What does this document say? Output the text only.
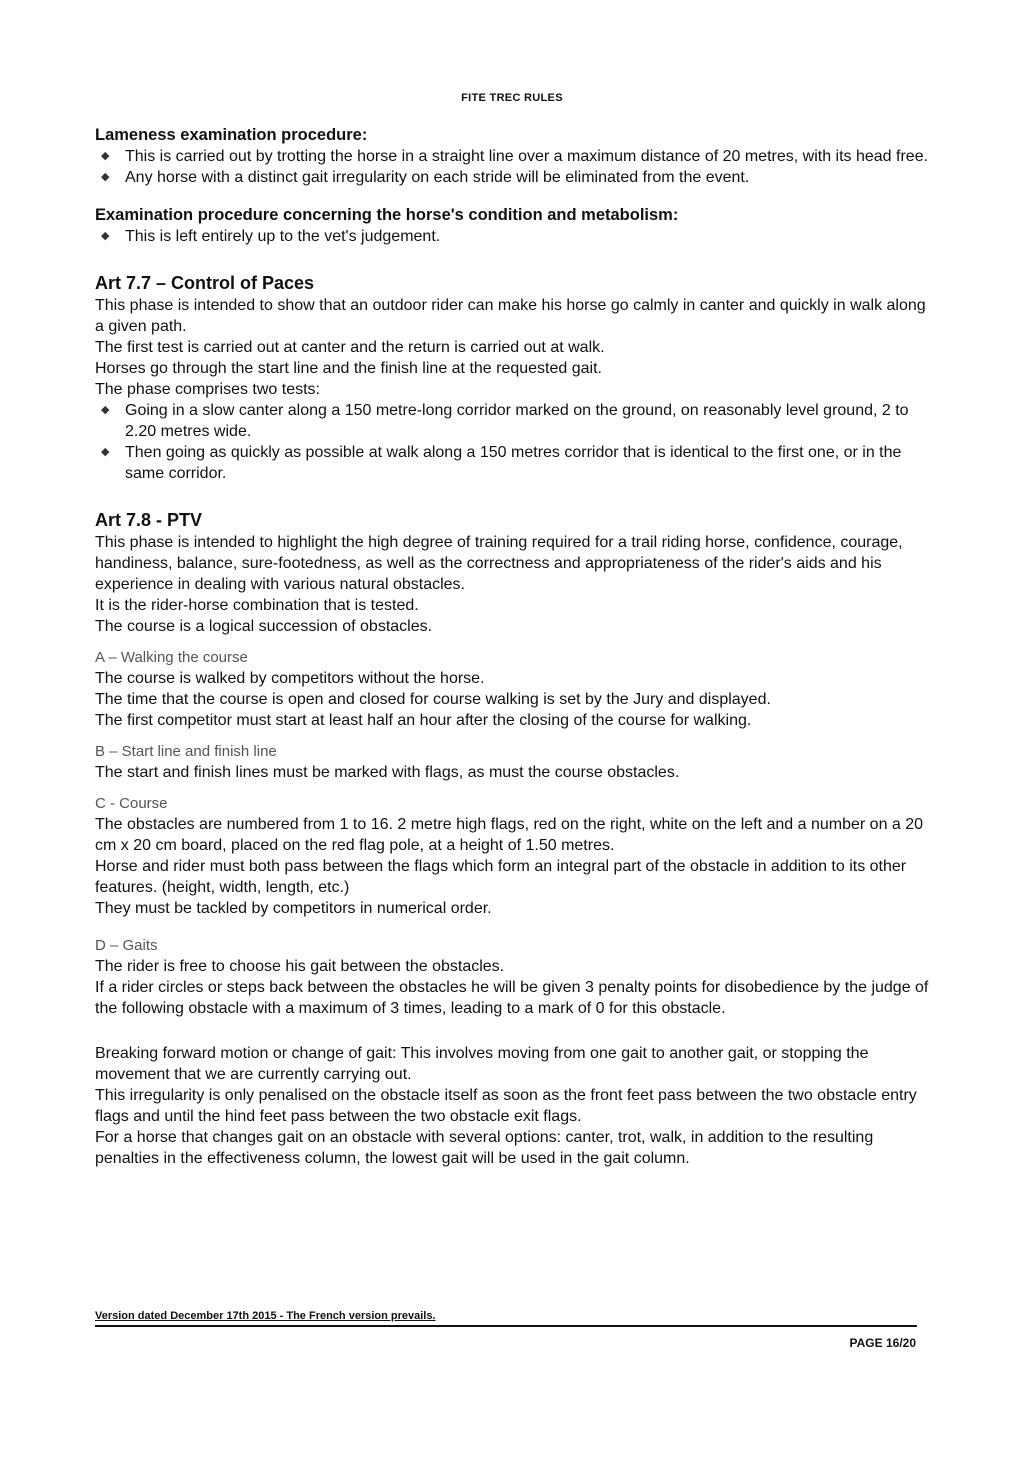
FITE TREC RULES
Lameness examination procedure:
◆ This is carried out by trotting the horse in a straight line over a maximum distance of 20 metres, with its head free.
◆ Any horse with a distinct gait irregularity on each stride will be eliminated from the event.
Examination procedure concerning the horse's condition and metabolism:
◆ This is left entirely up to the vet's judgement.
Art 7.7 – Control of Paces

This phase is intended to show that an outdoor rider can make his horse go calmly in canter and quickly in walk along a given path.

The first test is carried out at canter and the return is carried out at walk.

Horses go through the start line and the finish line at the requested gait.

The phase comprises two tests:

◆ Going in a slow canter along a 150 metre-long corridor marked on the ground, on reasonably level ground, 2 to 2.20 metres wide.
◆ Then going as quickly as possible at walk along a 150 metres corridor that is identical to the first one, or in the same corridor.
Art 7.8 - PTV

This phase is intended to highlight the high degree of training required for a trail riding horse, confidence, courage, handiness, balance, sure-footedness, as well as the correctness and appropriateness of the rider's aids and his experience in dealing with various natural obstacles.

It is the rider-horse combination that is tested.

The course is a logical succession of obstacles.

A – Walking the course

The course is walked by competitors without the horse.

The time that the course is open and closed for course walking is set by the Jury and displayed.

The first competitor must start at least half an hour after the closing of the course for walking.

B – Start line and finish line

The start and finish lines must be marked with flags, as must the course obstacles.

C - Course

The obstacles are numbered from 1 to 16. 2 metre high flags, red on the right, white on the left and a number on a 20 cm x 20 cm board, placed on the red flag pole, at a height of 1.50 metres.

Horse and rider must both pass between the flags which form an integral part of the obstacle in addition to its other features. (height, width, length, etc.)

They must be tackled by competitors in numerical order.

D – Gaits

The rider is free to choose his gait between the obstacles.

If a rider circles or steps back between the obstacles he will be given 3 penalty points for disobedience by the judge of the following obstacle with a maximum of 3 times, leading to a mark of 0 for this obstacle.

Breaking forward motion or change of gait: This involves moving from one gait to another gait, or stopping the movement that we are currently carrying out.

This irregularity is only penalised on the obstacle itself as soon as the front feet pass between the two obstacle entry flags and until the hind feet pass between the two obstacle exit flags.

For a horse that changes gait on an obstacle with several options: canter, trot, walk, in addition to the resulting penalties in the effectiveness column, the lowest gait will be used in the gait column.

Version dated December 17th 2015 - The French version prevails.
PAGE 16/20
